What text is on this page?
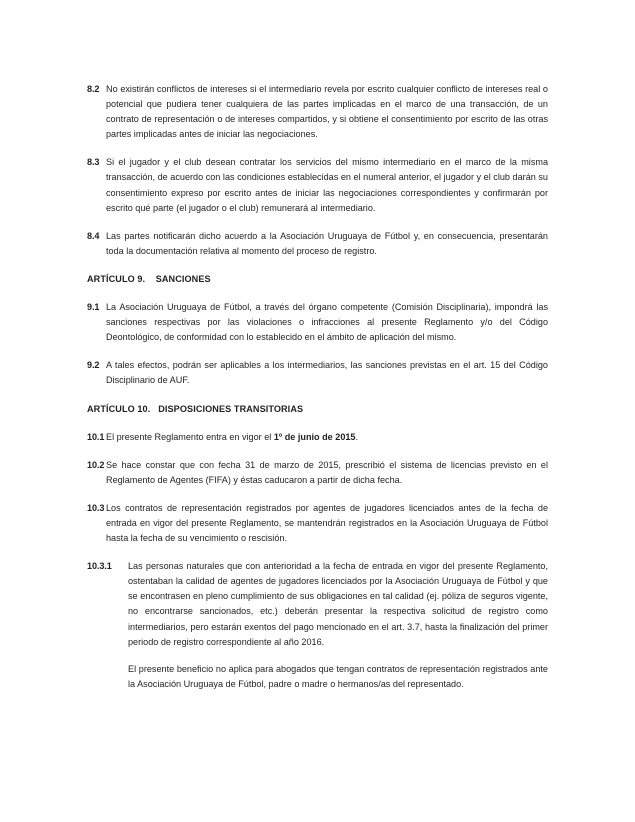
8.2 No existirán conflictos de intereses si el intermediario revela por escrito cualquier conflicto de intereses real o potencial que pudiera tener cualquiera de las partes implicadas en el marco de una transacción, de un contrato de representación o de intereses compartidos, y si obtiene el consentimiento por escrito de las otras partes implicadas antes de iniciar las negociaciones.
8.3 Si el jugador y el club desean contratar los servicios del mismo intermediario en el marco de la misma transacción, de acuerdo con las condiciones establecidas en el numeral anterior, el jugador y el club darán su consentimiento expreso por escrito antes de iniciar las negociaciones correspondientes y confirmarán por escrito qué parte (el jugador o el club) remunerará al intermediario.
8.4 Las partes notificarán dicho acuerdo a la Asociación Uruguaya de Fútbol y, en consecuencia, presentarán toda la documentación relativa al momento del proceso de registro.
ARTÍCULO 9.    SANCIONES
9.1 La Asociación Uruguaya de Fútbol, a través del órgano competente (Comisión Disciplinaria), impondrá las sanciones respectivas por las violaciones o infracciones al presente Reglamento y/o del Código Deontológico, de conformidad con lo establecido en el ámbito de aplicación del mismo.
9.2 A tales efectos, podrán ser aplicables a los intermediarios, las sanciones previstas en el art. 15 del Código Disciplinario de AUF.
ARTÍCULO 10.   DISPOSICIONES TRANSITORIAS
10.1 El presente Reglamento entra en vigor el 1º de junio de 2015.
10.2 Se hace constar que con fecha 31 de marzo de 2015, prescribió el sistema de licencias previsto en el Reglamento de Agentes (FIFA) y éstas caducaron a partir de dicha fecha.
10.3 Los contratos de representación registrados por agentes de jugadores licenciados antes de la fecha de entrada en vigor del presente Reglamento, se mantendrán registrados en la Asociación Uruguaya de Fútbol hasta la fecha de su vencimiento o rescisión.
10.3.1	Las personas naturales que con anterioridad a la fecha de entrada en vigor del presente Reglamento, ostentaban la calidad de agentes de jugadores licenciados por la Asociación Uruguaya de Fútbol y que se encontrasen en pleno cumplimiento de sus obligaciones en tal calidad (ej. póliza de seguros vigente, no encontrarse sancionados, etc.) deberán presentar la respectiva solicitud de registro como intermediarios, pero estarán exentos del pago mencionado en el art. 3.7, hasta la finalización del primer periodo de registro correspondiente al año 2016.
El presente beneficio no aplica para abogados que tengan contratos de representación registrados ante la Asociación Uruguaya de Fútbol, padre o madre o hermanos/as del representado.
